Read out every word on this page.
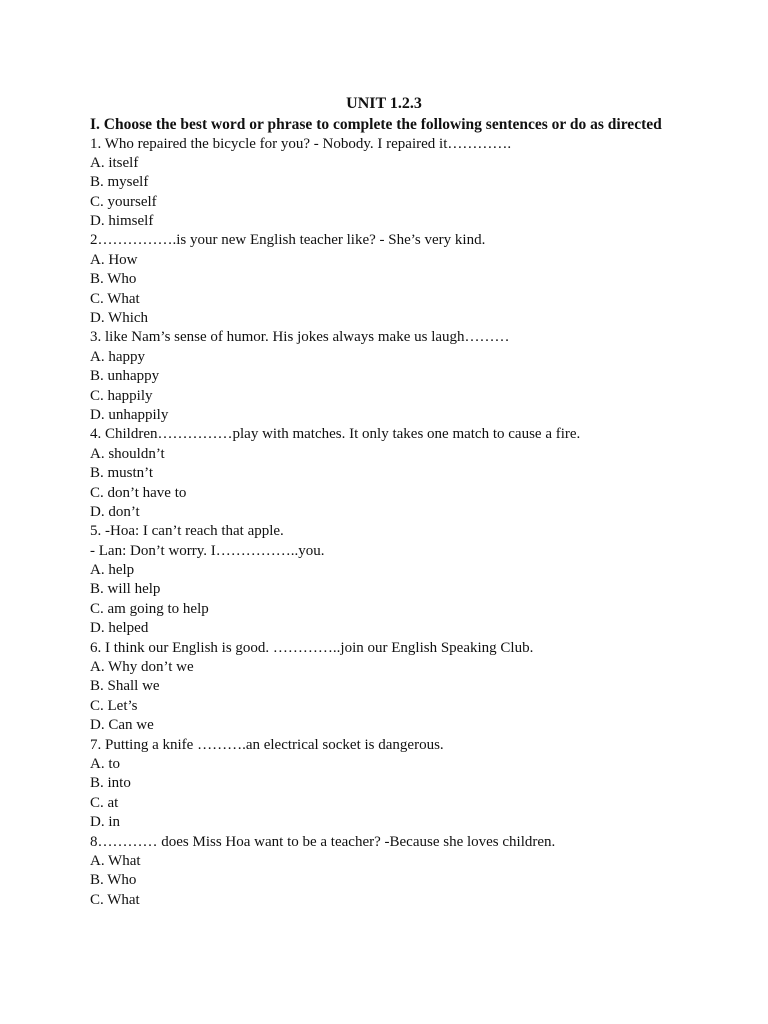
UNIT 1.2.3
I. Choose the best word or phrase to complete the following sentences or do as directed
1. Who repaired the bicycle for you? - Nobody. I repaired it………….
A. itself
B. myself
C. yourself
D. himself
2…………….is your new English teacher like? - She’s very kind.
A. How
B. Who
C. What
D. Which
3. like Nam’s sense of humor. His jokes always make us laugh………
A. happy
B. unhappy
C. happily
D. unhappily
4. Children……………play with matches. It only takes one match to cause a fire.
A. shouldn’t
B. mustn’t
C. don’t have to
D. don’t
5. -Hoa: I can’t reach that apple.
- Lan: Don’t worry. I……………..you.
A. help
B. will help
C. am going to help
D. helped
6. I think our English is good. …………..join our English Speaking Club.
A. Why don’t we
B. Shall we
C. Let’s
D. Can we
7. Putting a knife ……….an electrical socket is dangerous.
A. to
B. into
C. at
D. in
8………… does Miss Hoa want to be a teacher? -Because she loves children.
A. What
B. Who
C. What
